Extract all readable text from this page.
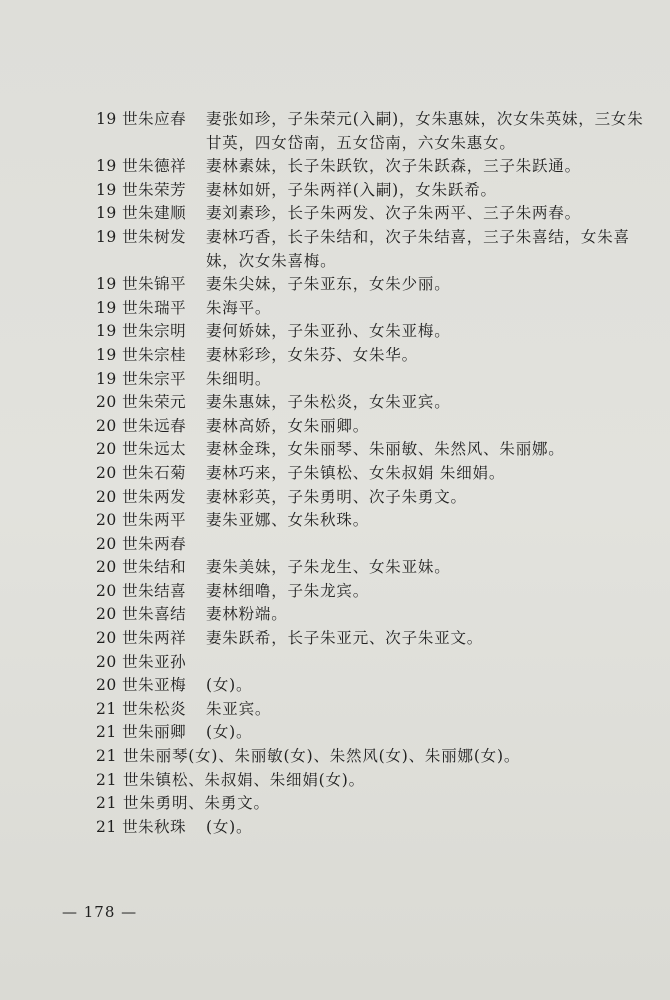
19 世朱应春	妻张如珍，子朱荣元(入嗣)，女朱惠妹，次女朱英妹，三女朱甘英，四女岱南，五女岱南，六女朱惠女。
19 世朱德祥	妻林素妹，长子朱跃钦，次子朱跃森，三子朱跃通。
19 世朱荣芳	妻林如妍，子朱两祥(入嗣)，女朱跃希。
19 世朱建顺	妻刘素珍，长子朱两发、次子朱两平、三子朱两春。
19 世朱树发	妻林巧香，长子朱结和，次子朱结喜，三子朱喜结，女朱喜妹，次女朱喜梅。
19 世朱锦平	妻朱尖妹，子朱亚东，女朱少丽。
19 世朱瑞平	朱海平。
19 世朱宗明	妻何娇妹，子朱亚孙、女朱亚梅。
19 世朱宗桂	妻林彩珍，女朱芬、女朱华。
19 世朱宗平	朱细明。
20 世朱荣元	妻朱惠妹，子朱松炎，女朱亚宾。
20 世朱远春	妻林高娇，女朱丽卿。
20 世朱远太	妻林金珠，女朱丽琴、朱丽敏、朱然风、朱丽娜。
20 世朱石菊	妻林巧来，子朱镇松、女朱叔娟 朱细娟。
20 世朱两发	妻林彩英，子朱勇明、次子朱勇文。
20 世朱两平	妻朱亚娜、女朱秋珠。
20 世朱两春
20 世朱结和	妻朱美妹，子朱龙生、女朱亚妹。
20 世朱结喜	妻林细噜，子朱龙宾。
20 世朱喜结	妻林粉端。
20 世朱两祥	妻朱跃希，长子朱亚元、次子朱亚文。
20 世朱亚孙
20 世朱亚梅	(女)。
21 世朱松炎	朱亚宾。
21 世朱丽卿	(女)。
21 世朱丽琴(女)、朱丽敏(女)、朱然风(女)、朱丽娜(女)。
21 世朱镇松、朱叔娟、朱细娟(女)。
21 世朱勇明、朱勇文。
21 世朱秋珠	(女)。
— 178 —
